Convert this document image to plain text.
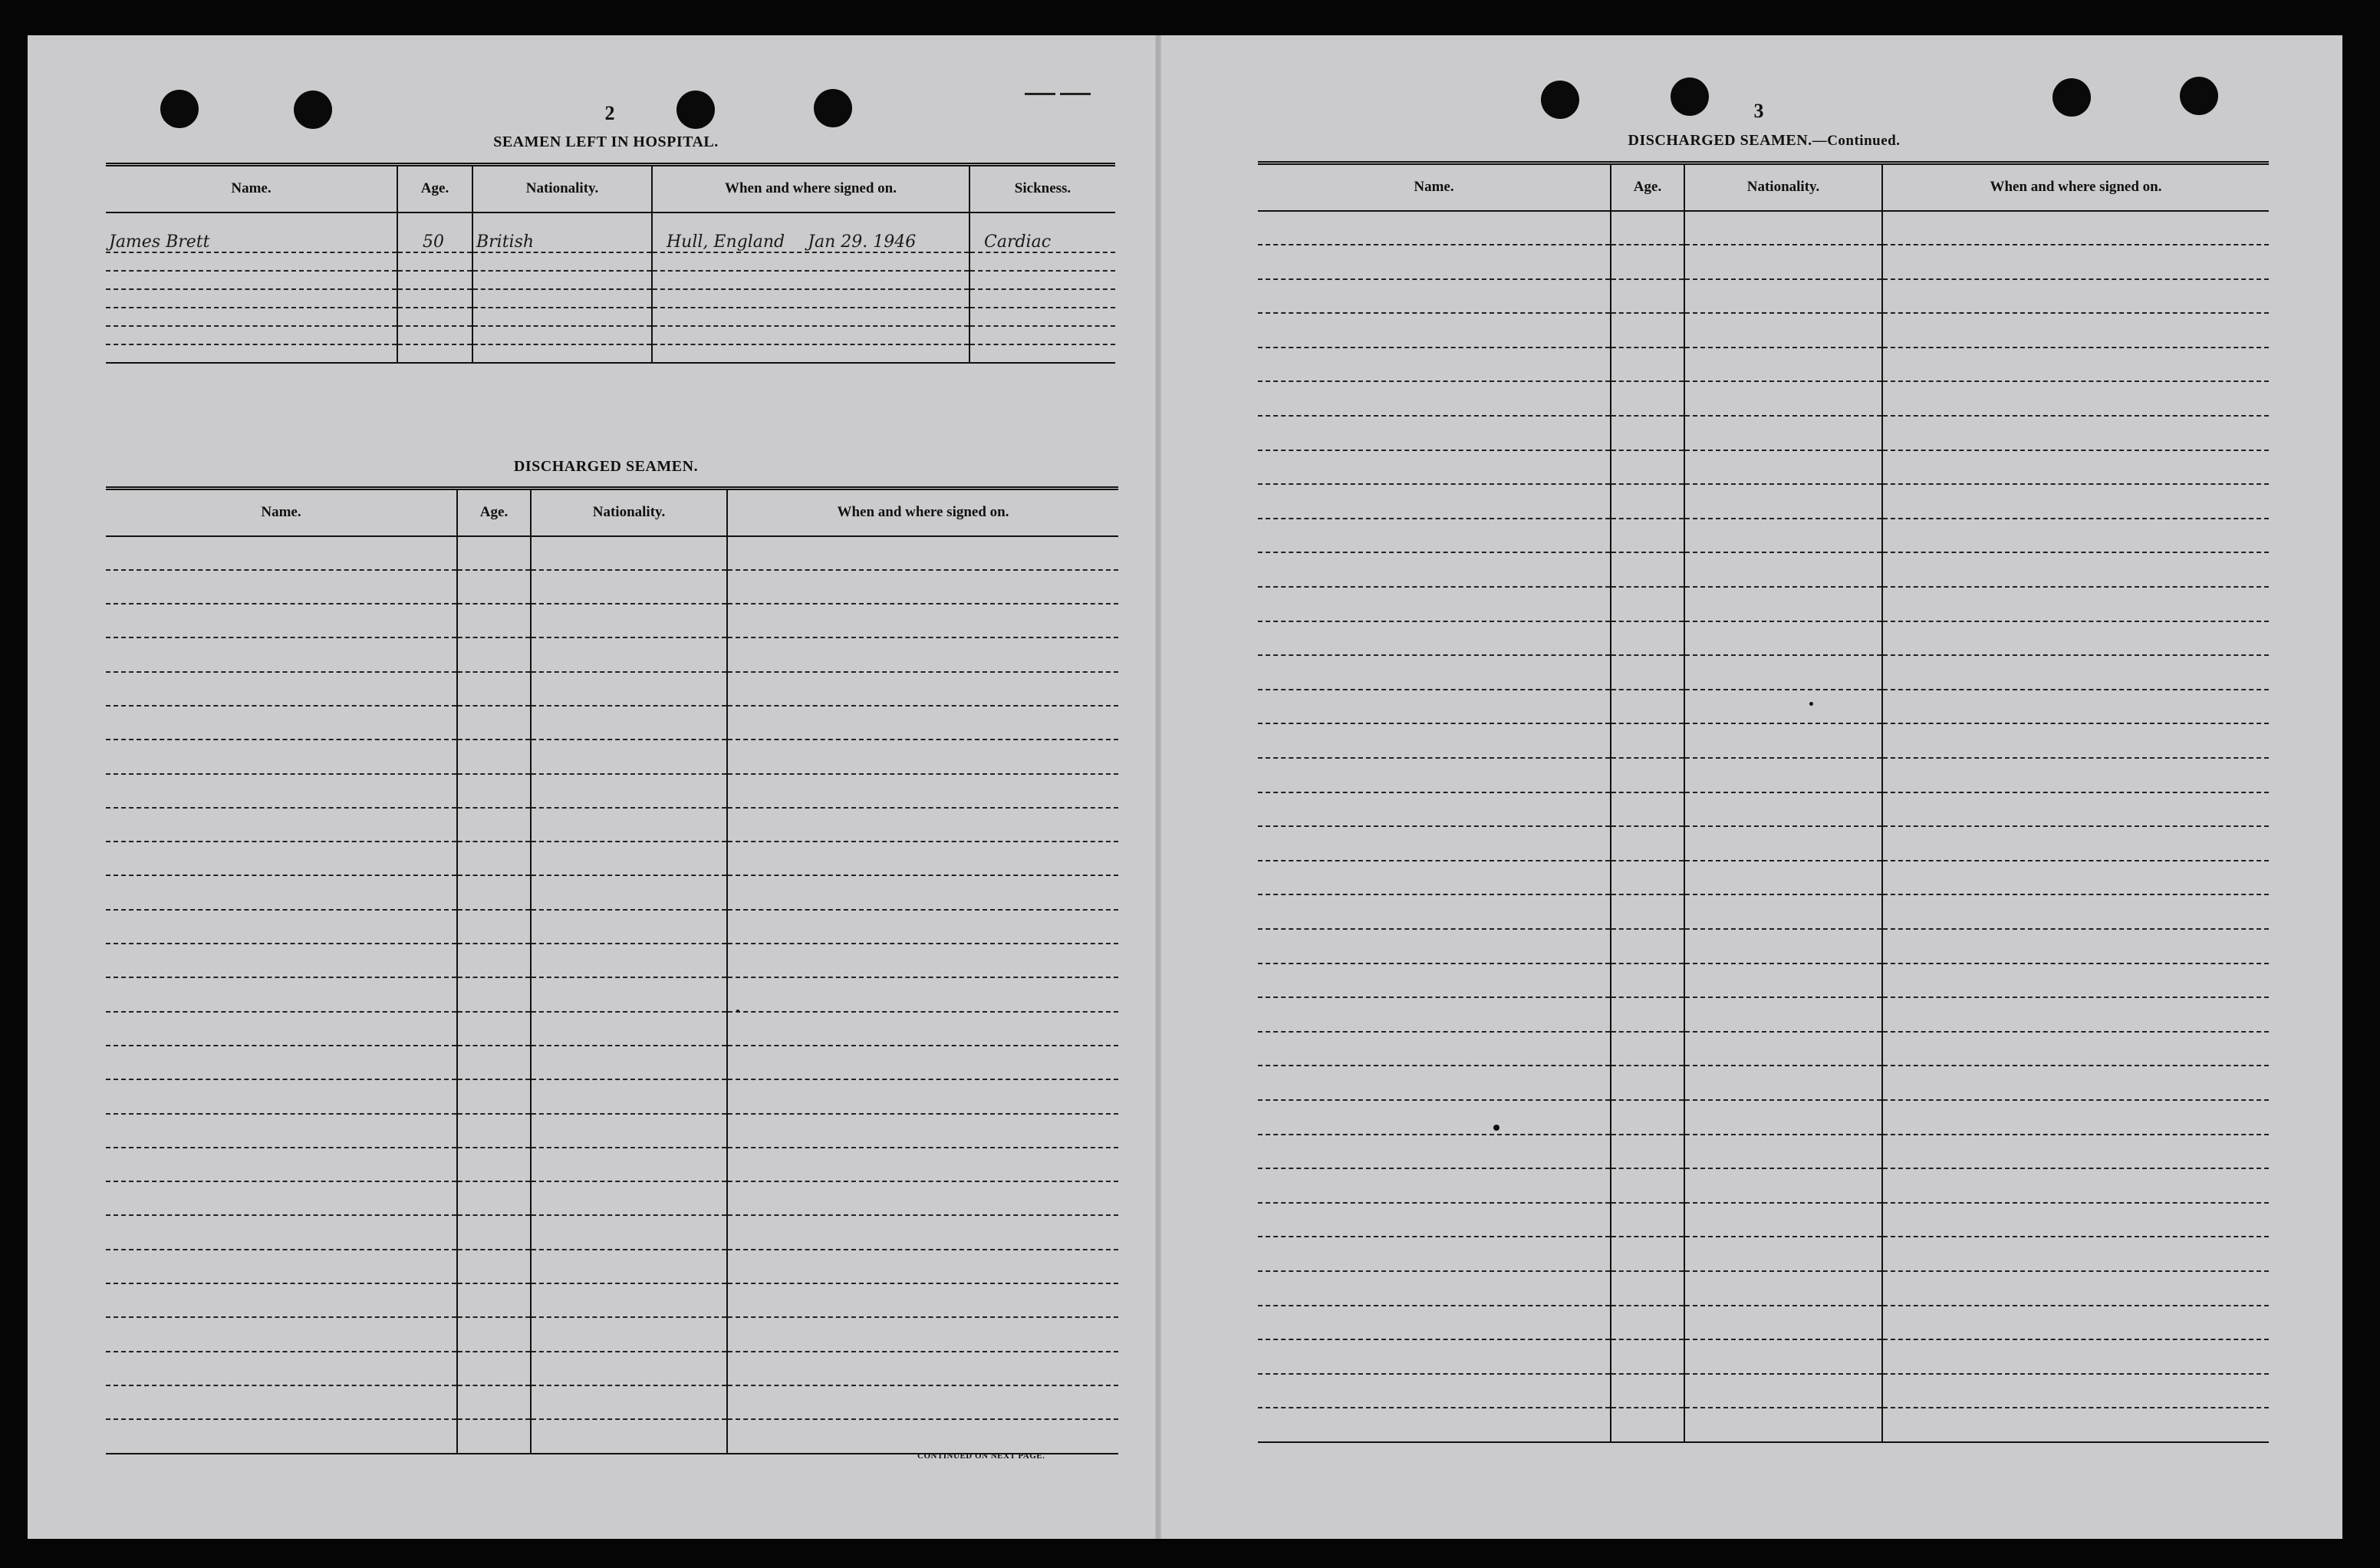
2
SEAMEN LEFT IN HOSPITAL.
Name.	Age.	Nationality.	When and where signed on.	Sickness.
James Brett	50	British	Hull, England Jan 29. 1946	Cardiac

DISCHARGED SEAMEN.
Name.	Age.	Nationality.	When and where signed on.

CONTINUED ON NEXT PAGE.
3
DISCHARGED SEAMEN.—Continued.
Name.	Age.	Nationality.	When and where signed on.
